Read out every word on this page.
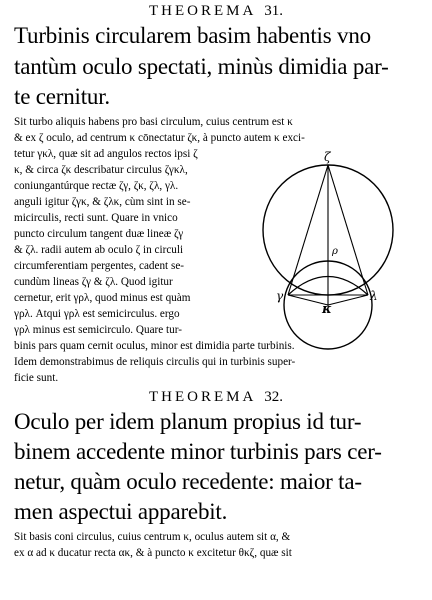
THEOREMA 31.
Turbinis circularem basim habentis vno
tantùm oculo spectati, minùs dimidia par-
te cernitur.
Sit turbo aliquis habens pro basi circulum, cuius centrum est κ
& ex ζ oculo, ad centrum κ cōnectatur ζκ, à puncto autem κ exci-
tetur γκλ, quæ sit ad angulos rectos ipsi ζ
κ, & circa ζκ describatur circulus ζγκλ,
coniungantúrque rectæ ζγ, ζκ, ζλ, γλ.
anguli igitur ζγκ, & ζλκ, cùm sint in se-
micirculis, recti sunt. Quare in vnico
puncto circulum tangent duæ lineæ ζγ
& ζλ. radii autem ab oculo ζ in circuli
circumferentiam pergentes, cadent se-
cundùm lineas ζγ & ζλ. Quod igitur
cernetur, erit γρλ, quod minus est quàm
γρλ. Atqui γρλ est semicirculus. ergo
γρλ minus est semicirculo. Quare tur-
binis pars quam cernit oculus, minor est dimidia parte turbinis.
Idem demonstrabimus de reliquis circulis qui in turbinis super-
ficie sunt.
ζ
ρ
γ
κ
λ
THEOREMA 32.
Oculo per idem planum propius id tur-
binem accedente minor turbinis pars cer-
netur, quàm oculo recedente: maior ta-
men aspectui apparebit.
Sit basis coni circulus, cuius centrum κ, oculus autem sit α, &
ex α ad κ ducatur recta ακ, & à puncto κ excitetur θκζ, quæ sit
